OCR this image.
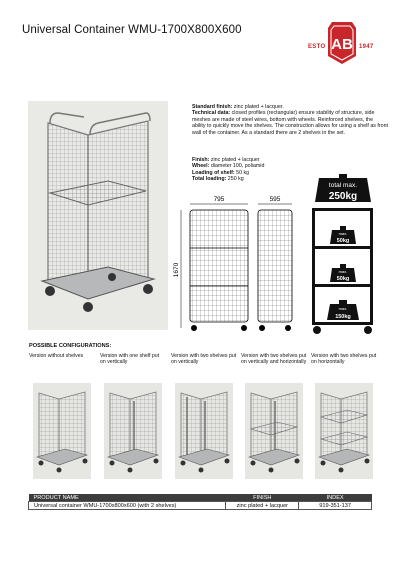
Universal Container WMU-1700X800X600
AB
ESTO	1947
Standard finish: zinc plated + lacquer.
Technical data: closed profiles (rectangular) ensure stability of structure, side meshes are made of steel wires, bottom with wheels. Reinforced shelves, the ability to quickly move the shelves. The construction allows for using a shelf as front wall of the container. As a standard there are 2 shelves in the set.
Finish: zinc plated + lacquer
Wheel: diameter 100, poliamid
Loading of shelf: 50 kg
Total loading: 250 kg
795	595
1670
total max.
250kg
max.
50kg
max.
50kg
max.
150kg
POSSIBLE CONFIGURATIONS:
Version without shelves	Version with one shelf put on vertically
Version with two shelves put on vertically
Version with two shelves put on vertically and horizontally
Version with two shelves put on horizontally
PRODUCT NAME	FINISH	INDEX
Universal container WMU-1700x800x600 (with 2 shelves)	zinc plated + lacquer	919-351-137
